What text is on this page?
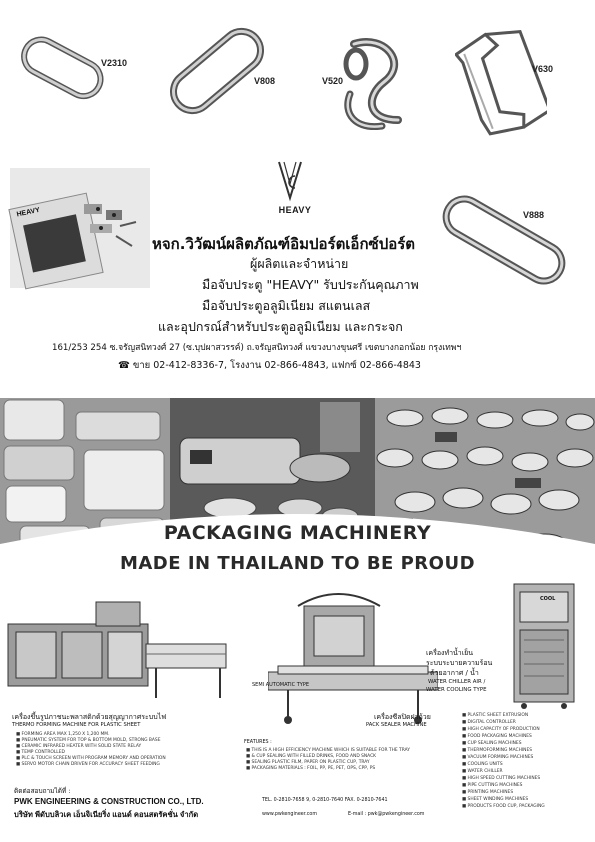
V2310
V808	V520
V630
HEAVY	HEAVY
หจก.วิวัฒน์ผลิตภัณฑ์อิมปอร์ตเอ็กซ์ปอร์ต
ผู้ผลิตและจำหน่าย
มือจับประตู "HEAVY" รับประกันคุณภาพ
มือจับประตูอลูมิเนียม สแตนเลส
และอุปกรณ์สำหรับประตูอลูมิเนียม และกระจก
161/253 254 ซ.จรัญสนิทวงศ์ 27 (ซ.บุปผาสวรรค์) ถ.จรัญสนิทวงศ์ แขวงบางขุนศรี เขตบางกอกน้อย กรุงเทพฯ
☎ ขาย 02-412-8336-7, โรงงาน 02-866-4843, แฟกซ์ 02-866-4843
V888
PACKAGING MACHINERY
MADE IN THAILAND TO BE PROUD
COOL
เครื่องทำน้ำเย็น
ระบบระบายความร้อน
ด้วยอากาศ / น้ำ
WATER CHILLER AIR /
WATER COOLING TYPE
SEMI AUTOMATIC TYPE
เครื่องขึ้นรูปภาชนะพลาสติกด้วยสุญญากาศระบบไฟ
THERMO FORMING MACHINE FOR PLASTIC SHEET
เครื่องซีลปิดฝาถ้วย
PACK SEALER MACHINE
■ FORMING AREA MAX 1,250 X 1,200 MM.
■ PNEUMATIC SYSTEM FOR TOP & BOTTOM MOLD, STRONG BASE
■ CERAMIC INFRARED HEATER WITH SOLID STATE RELAY
■ TEMP CONTROLLED
■ PLC & TOUCH SCREEN WITH PROGRAM MEMORY AND OPERATION
■ SERVO MOTOR CHAIN DRIVEN FOR ACCURACY SHEET FEEDING
FEATURES :
■ THIS IS A HIGH EFFICIENCY MACHINE WHICH IS SUITABLE FOR THE TRAY
■ & CUP SEALING WITH FILLED DRINKS, FOOD AND SNACK
■ SEALING PLASTIC FILM, PAPER ON PLASTIC CUP, TRAY
■ PACKAGING MATERIALS : FOIL, PP, PE, PET, OPS, CPP, PS
■ PLASTIC SHEET EXTRUSION
■ DIGITAL CONTROLLER
■ HIGH CAPACITY OF PRODUCTION
■ FOOD PACKAGING MACHINES
■ CUP SEALING MACHINES
■ THERMOFORMING MACHINES
■ VACUUM FORMING MACHINES
■ COOLING UNITS
■ WATER CHILLER
■ HIGH SPEED CUTTING MACHINES
■ PIPE CUTTING MACHINES
■ PRINTING MACHINES
■ SHEET WINDING MACHINES
■ PRODUCTS FOOD CUP, PACKAGING
ติดต่อสอบถามได้ที่ :
PWK ENGINEERING & CONSTRUCTION CO., LTD.
บริษัท พีดับบลิวเค เอ็นจิเนียริ่ง แอนด์ คอนสตรัคชั่น จำกัด
TEL. 0-2810-7658 9, 0-2810-7640 FAX. 0-2810-7641
www.pwkengineer.com	E-mail : pwk@pwkengineer.com
